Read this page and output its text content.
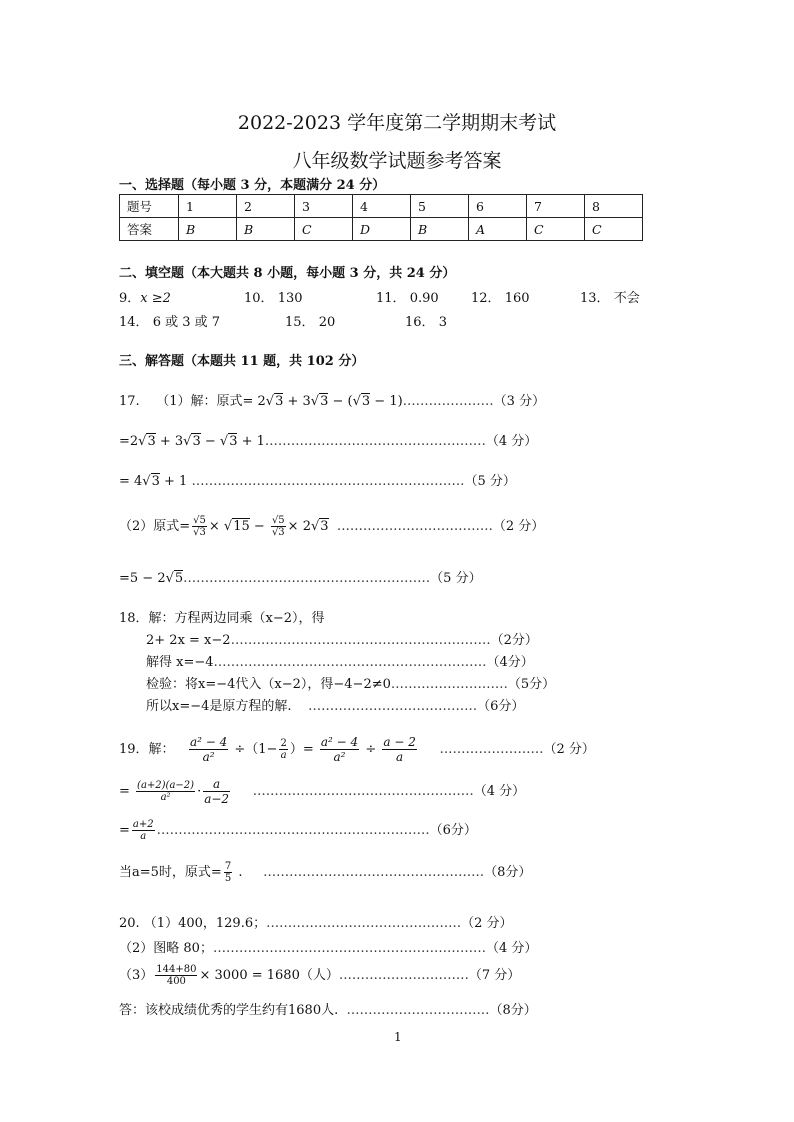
2022-2023 学年度第二学期期末考试
八年级数学试题参考答案
一、选择题（每小题 3 分，本题满分 24 分）
题号	1	2	3	4	5	6	7	8
答案	B	B	C	D	B	A	C	C
二、填空题（本大题共 8 小题，每小题 3 分，共 24 分）
9．x ≥2	10． 130	11． 0.90 12． 160	13． 不会
14． 6 或 3 或 7	15． 20	16． 3
三、解答题（本题共 11 题，共 102 分）
17. （1）解：原式= 2√3 + 3√3 − (√3 − 1)…………………（3 分）
=2√3 + 3√3 − √3 + 1……………………………………………（4 分）
= 4√3 + 1 ………………………………………………………（5 分）
（2）原式= $\frac{√5}{√3} \times √15 - \frac{√5}{√3} \times 2√3$ ………………………………（2 分）
=5 − 2√5…………………………………………………（5 分）
18．解：方程两边同乘（x−2），得
2+ 2x = x−2……………………………………………………（2分）
解得 x=−4………………………………………………………（4分）
检验：将x=−4代入（x−2），得−4−2≠0………………………（5分）
所以x=−4是原方程的解. …………………………………（6分）
19．解： $\frac{\text{a² − 4}}{\text{a²}} \div(1- \frac{2}{a}$ ）= $\frac{\text{a² − 4}}{\text{a²}} \div \frac{a - 2}{a}$ ……………………（2 分）
= $\frac{(a+2)(a-2)}{\text{a²}} \cdot \frac{a}{a-2}$ ……………………………………………（4 分）
= $\frac{a+2}{a}$ ………………………………………………………（6分）
当a=5时，原式= $\frac{7}{5}$ .     ……………………………………………（8分）
20. （1）400，129.6；………………………………………（2 分）
（2）图略 80；………………………………………………………（4 分）
$(3) \frac{144+80}{400} \times 3000 = 1680$（人）…………………………（7 分）
答：该校成绩优秀的学生约有1680人. ……………………………（8分）
1
